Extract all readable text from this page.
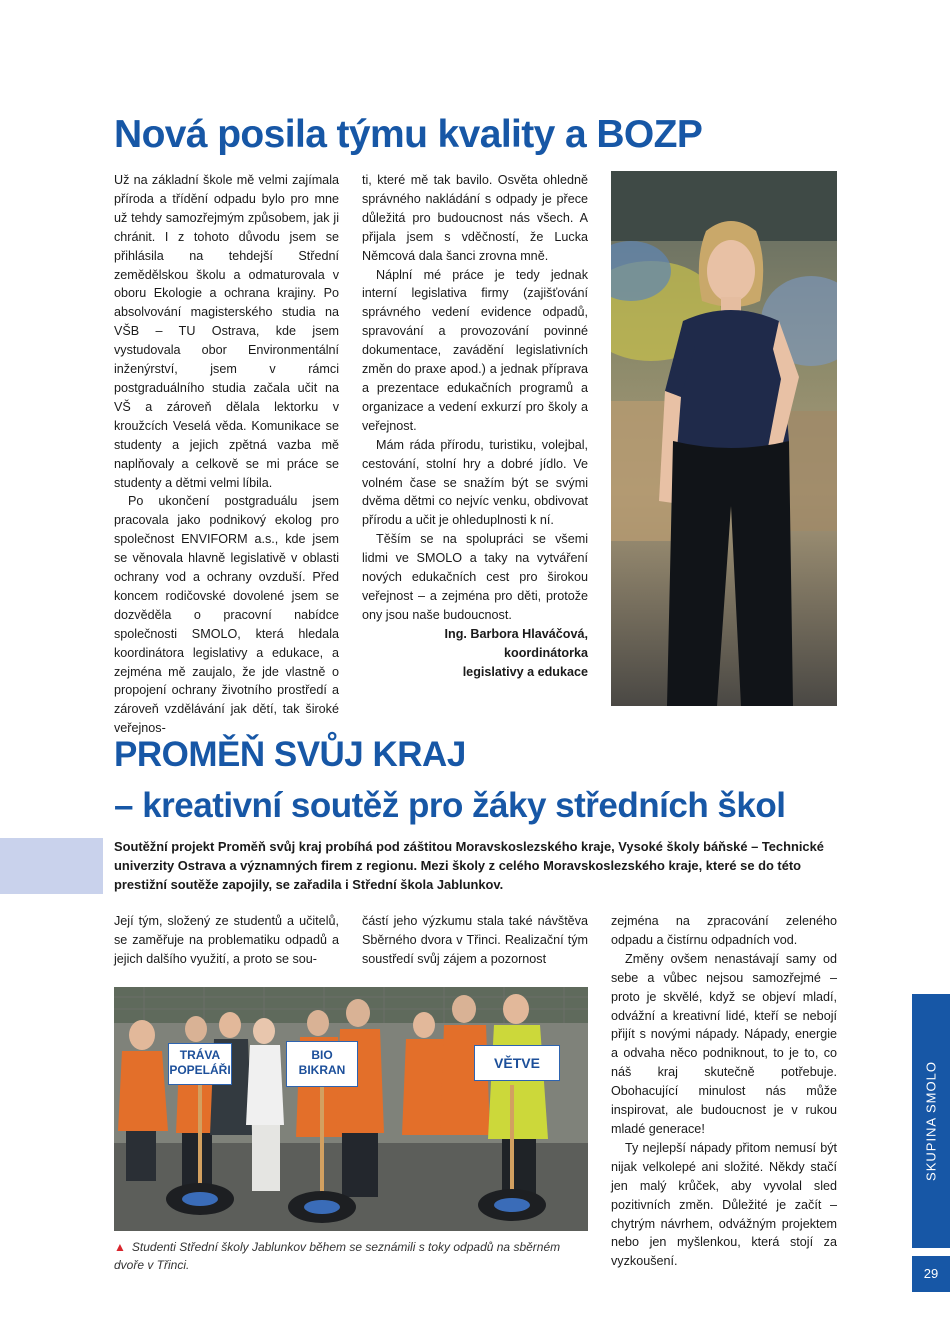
Nová posila týmu kvality a BOZP

Už na základní škole mě velmi zajímala příroda a třídění odpadu bylo pro mne už tehdy samozřejmým způsobem, jak ji chránit. I z tohoto důvodu jsem se přihlásila na tehdejší Střední zemědělskou školu a odmaturovala v oboru Ekologie a ochrana krajiny. Po absolvování magisterského studia na VŠB – TU Ostrava, kde jsem vystudovala obor Environmentální inženýrství, jsem v rámci postgraduálního studia začala učit na VŠ a zároveň dělala lektorku v kroužcích Veselá věda. Komunikace se studenty a jejich zpětná vazba mě naplňovaly a celkově se mi práce se studenty a dětmi velmi líbila.

Po ukončení postgraduálu jsem pracovala jako podnikový ekolog pro společnost ENVIFORM a.s., kde jsem se věnovala hlavně legislativě v oblasti ochrany vod a ochrany ovzduší. Před koncem rodičovské dovolené jsem se dozvěděla o pracovní nabídce společnosti SMOLO, která hledala koordinátora legislativy a edukace, a zejména mě zaujalo, že jde vlastně o propojení ochrany životního prostředí a zároveň vzdělávání jak dětí, tak široké veřejnos-

ti, které mě tak bavilo. Osvěta ohledně správného nakládání s odpady je přece důležitá pro budoucnost nás všech. A přijala jsem s vděčností, že Lucka Němcová dala šanci zrovna mně.

Náplní mé práce je tedy jednak interní legislativa firmy (zajišťování správného vedení evidence odpadů, spravování a provozování povinné dokumentace, zavádění legislativních změn do praxe apod.) a jednak příprava a prezentace edukačních programů a organizace a vedení exkurzí pro školy a veřejnost.

Mám ráda přírodu, turistiku, volejbal, cestování, stolní hry a dobré jídlo. Ve volném čase se snažím být se svými dvěma dětmi co nejvíc venku, obdivovat přírodu a učit je ohleduplnosti k ní.

Těším se na spolupráci se všemi lidmi ve SMOLO a taky na vytváření nových edukačních cest pro širokou veřejnost – a zejména pro děti, protože ony jsou naše budoucnost.

Ing. Barbora Hlaváčová,
koordinátorka
legislativy a edukace
PROMĚŇ SVŮJ KRAJ
– kreativní soutěž pro žáky středních škol

Soutěžní projekt Proměň svůj kraj probíhá pod záštitou Moravskoslezského kraje, Vysoké školy báňské – Technické univerzity Ostrava a významných firem z regionu. Mezi školy z celého Moravskoslezského kraje, které se do této prestižní soutěže zapojily, se zařadila i Střední škola Jablunkov.

Její tým, složený ze studentů a učitelů, se zaměřuje na problematiku odpadů a jejich dalšího využití, a proto se sou-

částí jeho výzkumu stala také návštěva Sběrného dvora v Třinci. Realizační tým soustředí svůj zájem a pozornost

zejména na zpracování zeleného odpadu a čistírnu odpadních vod.

Změny ovšem nenastávají samy od sebe a vůbec nejsou samozřejmé – proto je skvělé, když se objeví mladí, odvážní a kreativní lidé, kteří se nebojí přijít s novými nápady. Nápady, energie a odvaha něco podniknout, to je to, co náš kraj skutečně potřebuje. Obohacující minulost nás může inspirovat, ale budoucnost je v rukou mladé generace!

Ty nejlepší nápady přitom nemusí být nijak velkolepé ani složité. Někdy stačí jen malý krůček, aby vyvolal sled pozitivních změn. Důležité je začít – chytrým návrhem, odvážným projektem nebo jen myšlenkou, která stojí za vyzkoušení.

TRÁVA
POPELÁŘI
BIO
BIKRAN	VĚTVE

▲ Studenti Střední školy Jablunkov během se seznámili s toky odpadů na sběrném dvoře v Třinci.

SKUPINA SMOLO
29
